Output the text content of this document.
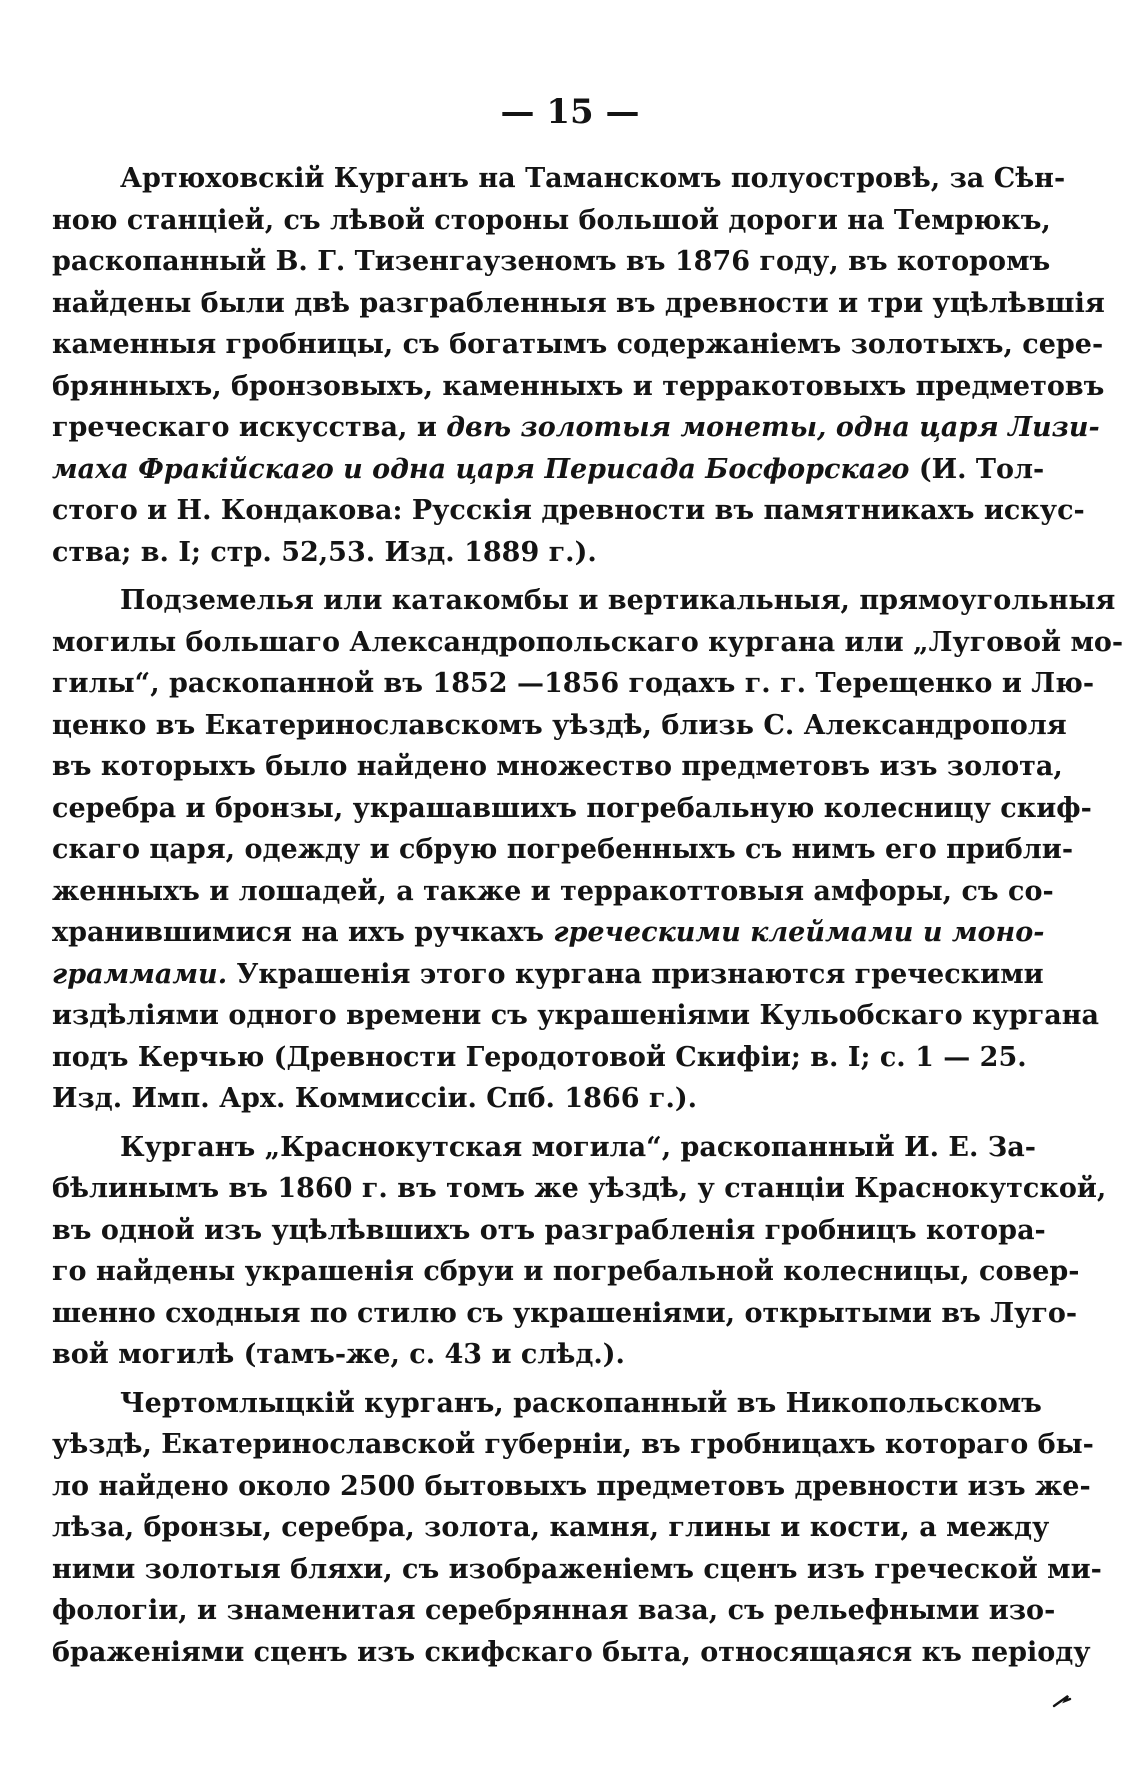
— 15 —
Артюховскій Курганъ на Таманскомъ полуостровѣ, за Сѣн-
ною станціей, съ лѣвой стороны большой дороги на Темрюкъ,
раскопанный В. Г. Тизенгаузеномъ въ 1876 году, въ которомъ
найдены были двѣ разграбленныя въ древности и три уцѣлѣвшія
каменныя гробницы, съ богатымъ содержаніемъ золотыхъ, сере-
брянныхъ, бронзовыхъ, каменныхъ и терракотовыхъ предметовъ
греческаго искусства, и двѣ золотыя монеты, одна царя Лизи-
маха Фракійскаго и одна царя Перисада Босфорскаго (И. Тол-
стого и Н. Кондакова: Русскія древности въ памятникахъ искус-
ства; в. I; стр. 52,53. Изд. 1889 г.).
Подземелья или катакомбы и вертикальныя, прямоугольныя
могилы большаго Александропольскаго кургана или „Луговой мо-
гилы“, раскопанной въ 1852 —1856 годахъ г. г. Терещенко и Лю-
ценко въ Екатеринославскомъ уѣздѣ, близь С. Александрополя
въ которыхъ было найдено множество предметовъ изъ золота,
серебра и бронзы, украшавшихъ погребальную колесницу скиф-
скаго царя, одежду и сбрую погребенныхъ съ нимъ его прибли-
женныхъ и лошадей, а также и терракоттовыя амфоры, съ со-
хранившимися на ихъ ручкахъ греческими клеймами и моно-
граммами. Украшенія этого кургана признаются греческими
издѣліями одного времени съ украшеніями Кульобскаго кургана
подъ Керчью (Древности Геродотовой Скифіи; в. I; с. 1 — 25.
Изд. Имп. Арх. Коммиссіи. Спб. 1866 г.).
Курганъ „Краснокутская могила“, раскопанный И. Е. За-
бѣлинымъ въ 1860 г. въ томъ же уѣздѣ, у станціи Краснокутской,
въ одной изъ уцѣлѣвшихъ отъ разграбленія гробницъ котора-
го найдены украшенія сбруи и погребальной колесницы, совер-
шенно сходныя по стилю съ украшеніями, открытыми въ Луго-
вой могилѣ (тамъ-же, с. 43 и слѣд.).
Чертомлыцкій курганъ, раскопанный въ Никопольскомъ
уѣздѣ, Екатеринославской губерніи, въ гробницахъ котораго бы-
ло найдено около 2500 бытовыхъ предметовъ древности изъ же-
лѣза, бронзы, серебра, золота, камня, глины и кости, а между
ними золотыя бляхи, съ изображеніемъ сценъ изъ греческой ми-
фологіи, и знаменитая серебрянная ваза, съ рельефными изо-
браженіями сценъ изъ скифскаго быта, относящаяся къ періоду
